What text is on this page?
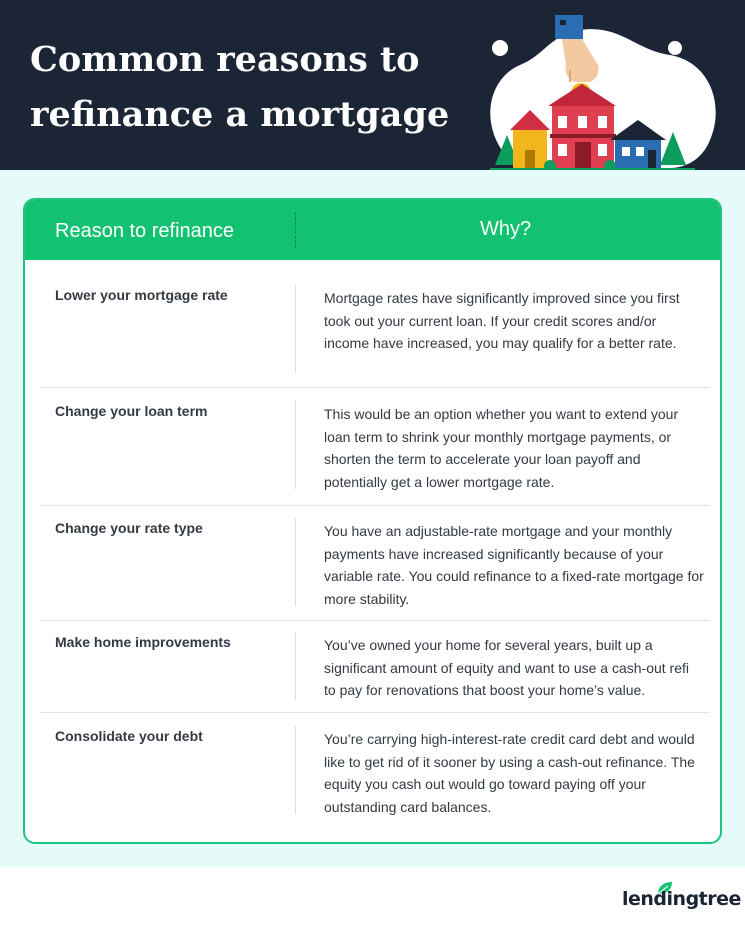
Common reasons to refinance a mortgage
Reason to refinance	Why?
Lower your mortgage rate	Mortgage rates have significantly improved since you first took out your current loan. If your credit scores and/or income have increased, you may qualify for a better rate.
Change your loan term	This would be an option whether you want to extend your loan term to shrink your monthly mortgage payments, or shorten the term to accelerate your loan payoff and potentially get a lower mortgage rate.
Change your rate type	You have an adjustable-rate mortgage and your monthly payments have increased significantly because of your variable rate. You could refinance to a fixed-rate mortgage for more stability.
Make home improvements	You’ve owned your home for several years, built up a significant amount of equity and want to use a cash-out refi to pay for renovations that boost your home’s value.
Consolidate your debt	You’re carrying high-interest-rate credit card debt and would like to get rid of it sooner by using a cash-out refinance. The equity you cash out would go toward paying off your outstanding card balances.
lendingtree
